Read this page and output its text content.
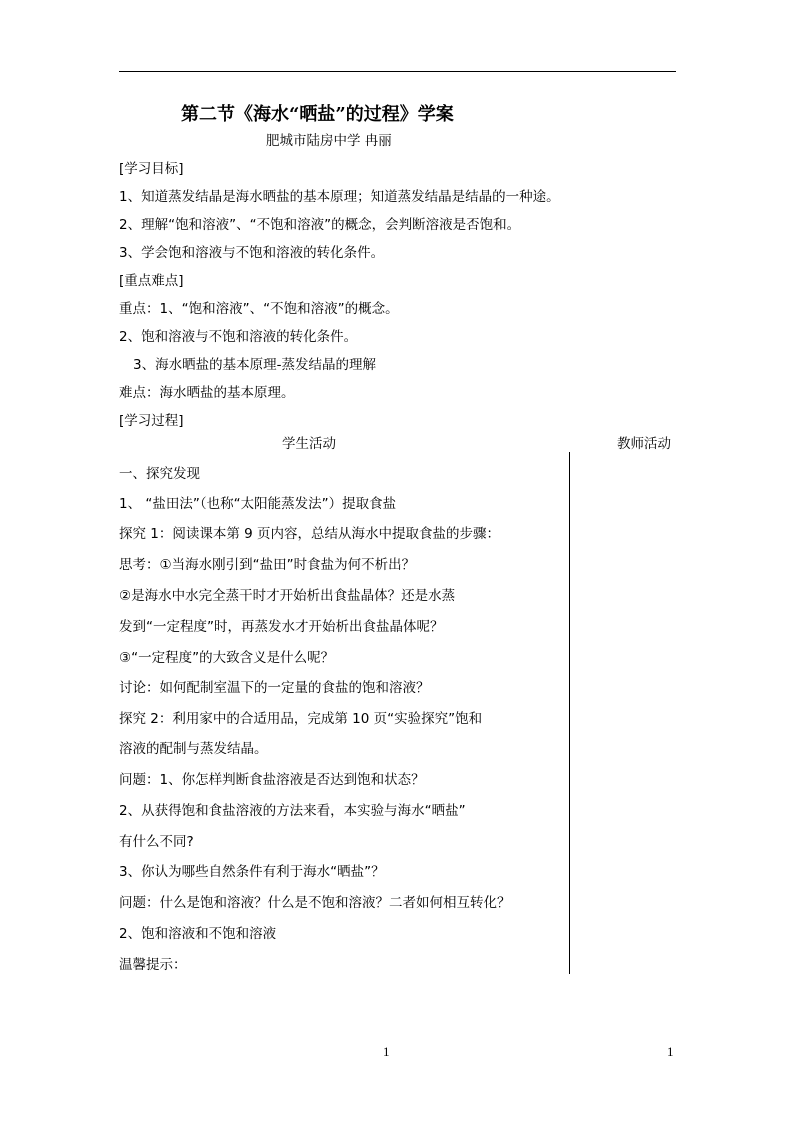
第二节《海水“晒盐”的过程》学案
肥城市陆房中学 冉丽
[学习目标]
1、知道蒸发结晶是海水晒盐的基本原理；知道蒸发结晶是结晶的一种途。
2、理解“饱和溶液”、“不饱和溶液”的概念，会判断溶液是否饱和。
3、学会饱和溶液与不饱和溶液的转化条件。
[重点难点]
重点：1、“饱和溶液”、“不饱和溶液”的概念。
2、饱和溶液与不饱和溶液的转化条件。
3、海水晒盐的基本原理-蒸发结晶的理解
难点：海水晒盐的基本原理。
[学习过程]
学生活动	教师活动
一、探究发现
1、 “盐田法”（也称“太阳能蒸发法”）提取食盐
探究 1：阅读课本第 9 页内容，总结从海水中提取食盐的步骤：
思考：①当海水刚引到“盐田”时食盐为何不析出？
②是海水中水完全蒸干时才开始析出食盐晶体？还是水蒸
发到“一定程度”时，再蒸发水才开始析出食盐晶体呢？
③“一定程度”的大致含义是什么呢？
讨论：如何配制室温下的一定量的食盐的饱和溶液？
探究 2：利用家中的合适用品，完成第 10 页“实验探究”饱和
溶液的配制与蒸发结晶。
问题：1、你怎样判断食盐溶液是否达到饱和状态？
2、从获得饱和食盐溶液的方法来看，本实验与海水“晒盐”
有什么不同?
3、你认为哪些自然条件有利于海水“晒盐”？
问题：什么是饱和溶液？什么是不饱和溶液？二者如何相互转化？
2、饱和溶液和不饱和溶液
温馨提示：
1	1
